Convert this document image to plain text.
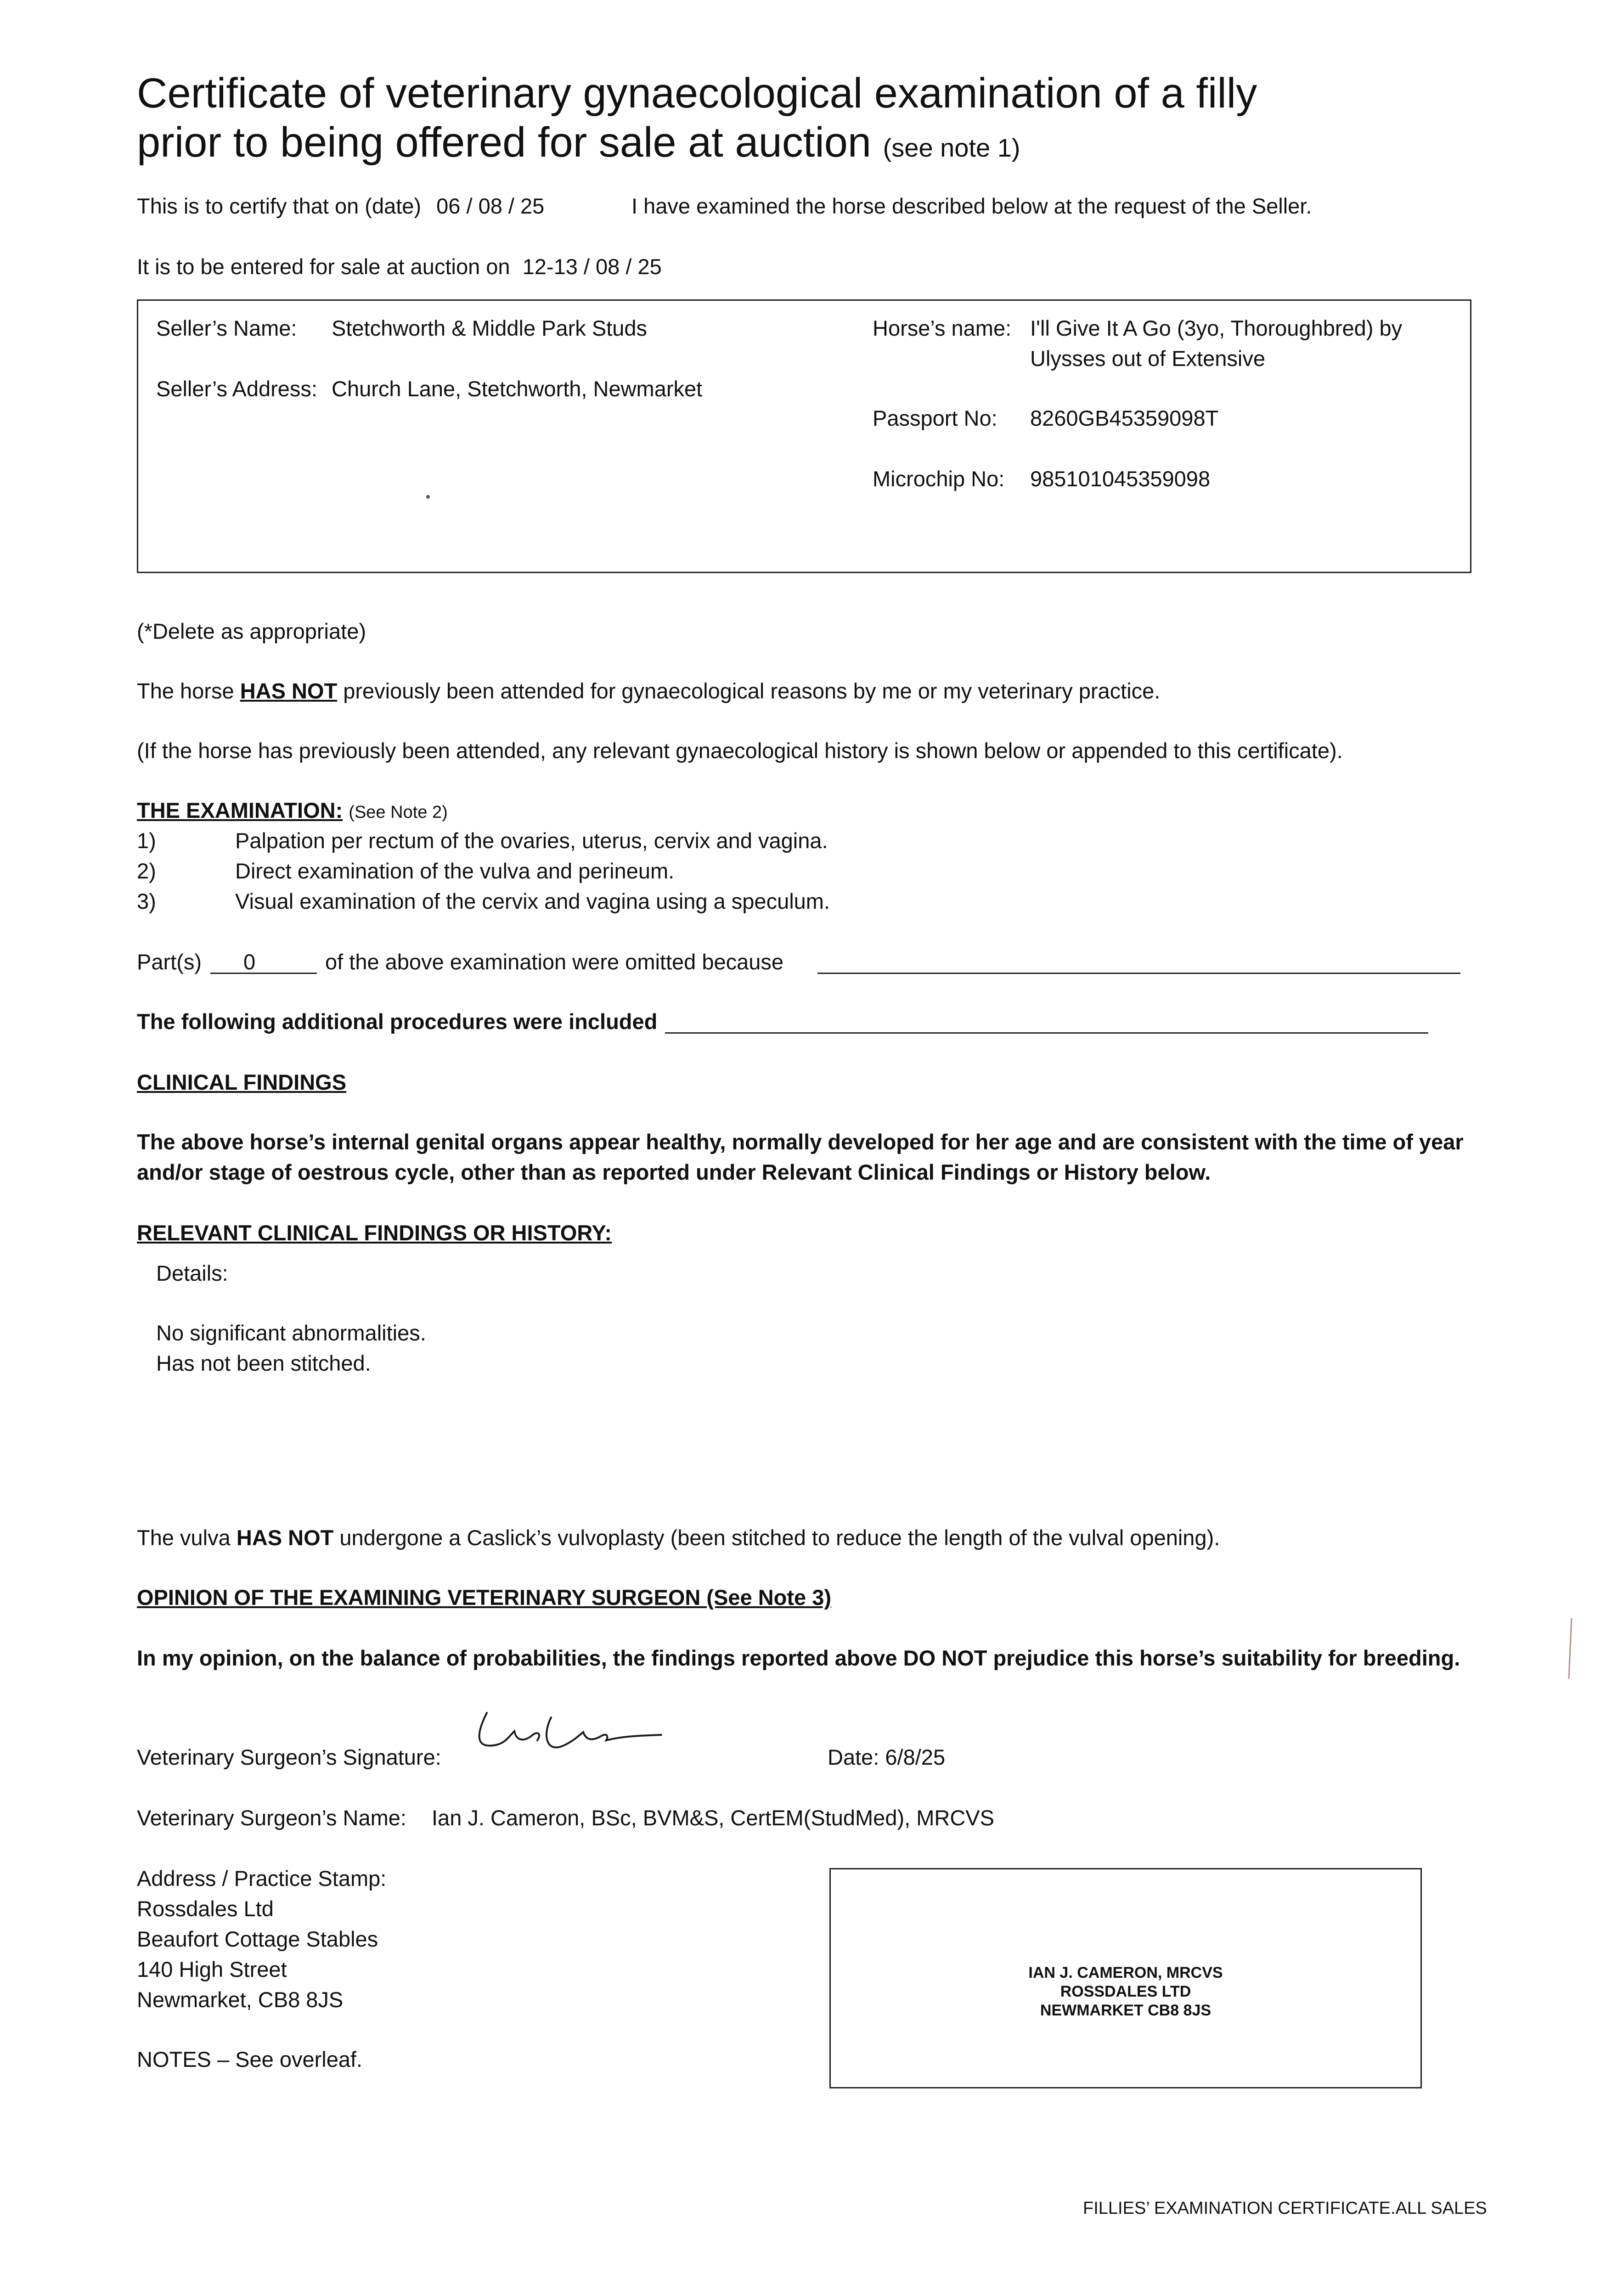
Certificate of veterinary gynaecological examination of a filly
prior to being offered for sale at auction (see note 1)
This is to certify that on (date) 06 / 08 / 25	I have examined the horse described below at the request of the Seller.
It is to be entered for sale at auction on 12-13 / 08 / 25
Seller’s Name: Stetchworth & Middle Park Studs
Seller’s Address: Church Lane, Stetchworth, Newmarket
Horse’s name: I'll Give It A Go (3yo, Thoroughbred) by
Ulysses out of Extensive
Passport No: 8260GB45359098T
Microchip No: 985101045359098
(*Delete as appropriate)
The horse HAS NOT previously been attended for gynaecological reasons by me or my veterinary practice.
(If the horse has previously been attended, any relevant gynaecological history is shown below or appended to this certificate).
THE EXAMINATION: (See Note 2)
1)	Palpation per rectum of the ovaries, uterus, cervix and vagina.
2)	Direct examination of the vulva and perineum.
3)	Visual examination of the cervix and vagina using a speculum.
Part(s) 0	of the above examination were omitted because
The following additional procedures were included
CLINICAL FINDINGS
The above horse’s internal genital organs appear healthy, normally developed for her age and are consistent with the time of year
and/or stage of oestrous cycle, other than as reported under Relevant Clinical Findings or History below.
RELEVANT CLINICAL FINDINGS OR HISTORY:
Details:
No significant abnormalities.
Has not been stitched.
The vulva HAS NOT undergone a Caslick’s vulvoplasty (been stitched to reduce the length of the vulval opening).
OPINION OF THE EXAMINING VETERINARY SURGEON (See Note 3)
In my opinion, on the balance of probabilities, the findings reported above DO NOT prejudice this horse’s suitability for breeding.
Veterinary Surgeon’s Signature:	Date: 6/8/25
Veterinary Surgeon’s Name: Ian J. Cameron, BSc, BVM&S, CertEM(StudMed), MRCVS
Address / Practice Stamp:
Rossdales Ltd
Beaufort Cottage Stables
140 High Street
Newmarket, CB8 8JS
NOTES – See overleaf.
IAN J. CAMERON, MRCVS
ROSSDALES LTD
NEWMARKET CB8 8JS
FILLIES’ EXAMINATION CERTIFICATE.ALL SALES
